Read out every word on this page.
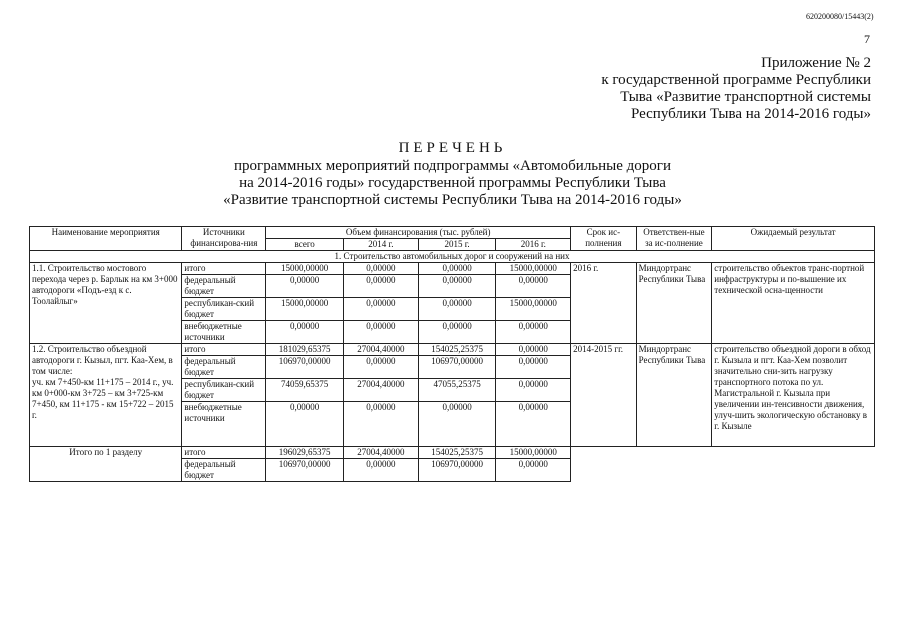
620200080/15443(2)
7
Приложение № 2
к государственной программе Республики
Тыва «Развитие транспортной системы
Республики Тыва на 2014-2016 годы»
ПЕРЕЧЕНЬ
программных мероприятий подпрограммы «Автомобильные дороги
на 2014-2016 годы» государственной программы Республики Тыва
«Развитие транспортной системы Республики Тыва на 2014-2016 годы»
Наименование мероприятия	Источники финансирова-ния	Объем финансирования (тыс. рублей)				Срок ис-полнения	Ответствен-ные за ис-полнение	Ожидаемый результат
		всего	2014 г.	2015 г.	2016 г.			
1. Строительство автомобильных дорог и сооружений на них								
1.1. Строительство мостового перехода через р. Барлык на км 3+000 автодороги «Подъ-езд к с. Тоолайлыг»	итого	15000,00000	0,00000	0,00000	15000,00000	2016 г.	Миндортранс Республики Тыва	строительство объектов транс-портной инфраструктуры и по-вышение их технической осна-щенности
	федеральный бюджет	0,00000	0,00000	0,00000	0,00000			
	республикан-ский бюджет	15000,00000	0,00000	0,00000	15000,00000			
	внебюджетные источники	0,00000	0,00000	0,00000	0,00000			

1.2. Строительство объездной автодороги г. Кызыл, пгт. Каа-Хем, в том числе:
уч. км 7+450-км 11+175 – 2014 г., уч. км 0+000-км 3+725 – км 3+725-км 7+450, км 11+175 - км 15+722 – 2015 г.	итого	181029,65375	27004,40000	154025,25375	0,00000	2014-2015 гг.	Миндортранс Республики Тыва	строительство объездной дороги в обход г. Кызыла и пгт. Каа-Хем позволит значительно сни-зить нагрузку транспортного потока по ул. Магистральной г. Кызыла при увеличении ин-тенсивности движения, улуч-шить экологическую обстановку в г. Кызыле
	федеральный бюджет	106970,00000	0,00000	106970,00000	0,00000			
	республикан-ский бюджет	74059,65375	27004,40000	47055,25375	0,00000			
	внебюджетные источники	0,00000	0,00000	0,00000	0,00000			
Итого по 1 разделу	итого	196029,65375	27004,40000	154025,25375	15000,00000			
	федеральный бюджет	106970,00000	0,00000	106970,00000	0,00000			
